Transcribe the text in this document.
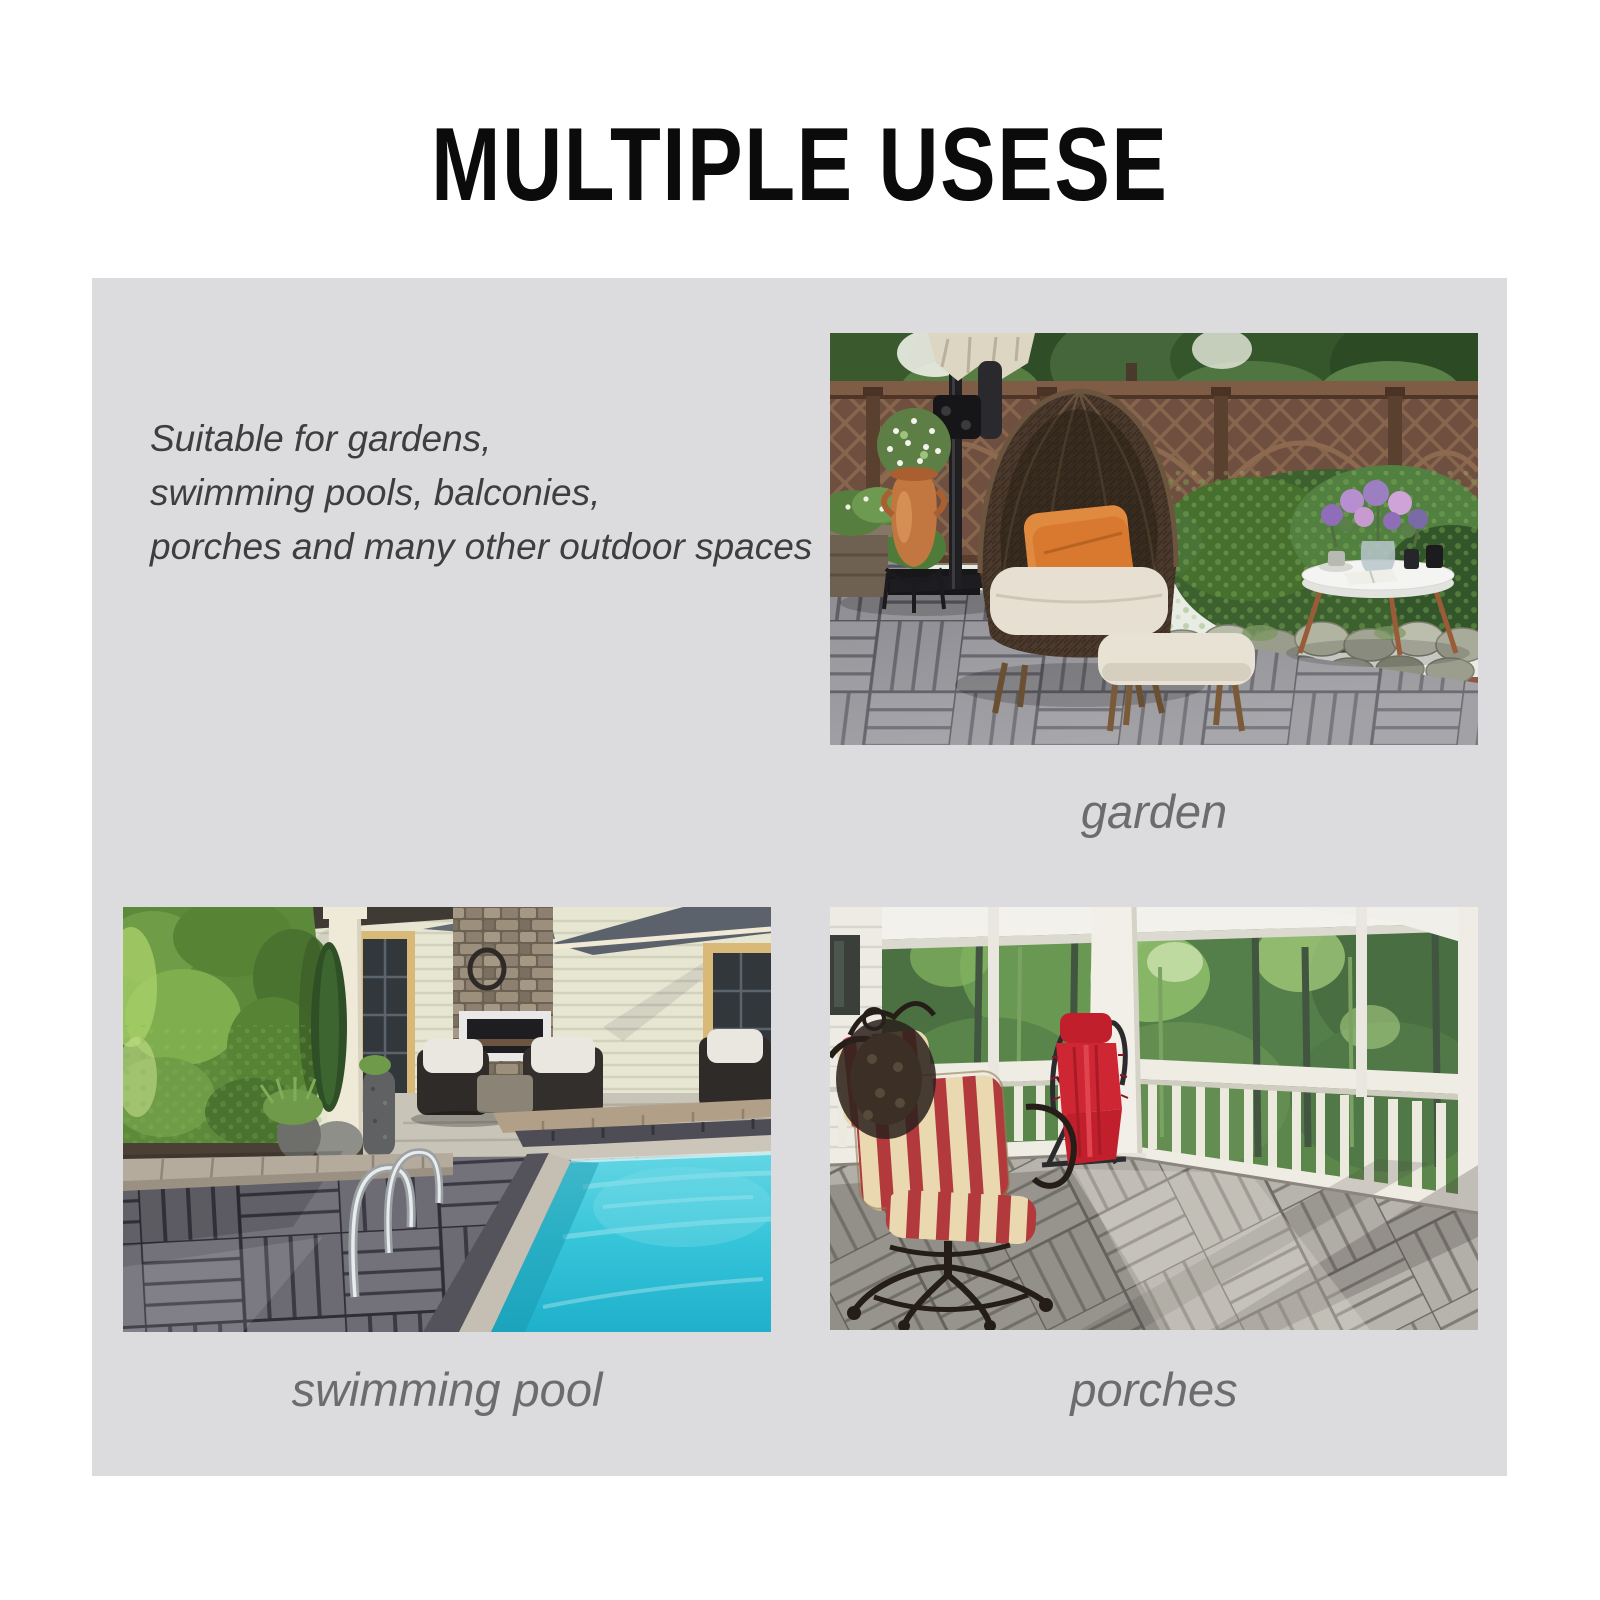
MULTIPLE USESE
Suitable for gardens,
swimming pools, balconies,
porches and many other outdoor spaces
garden
swimming pool	porches
